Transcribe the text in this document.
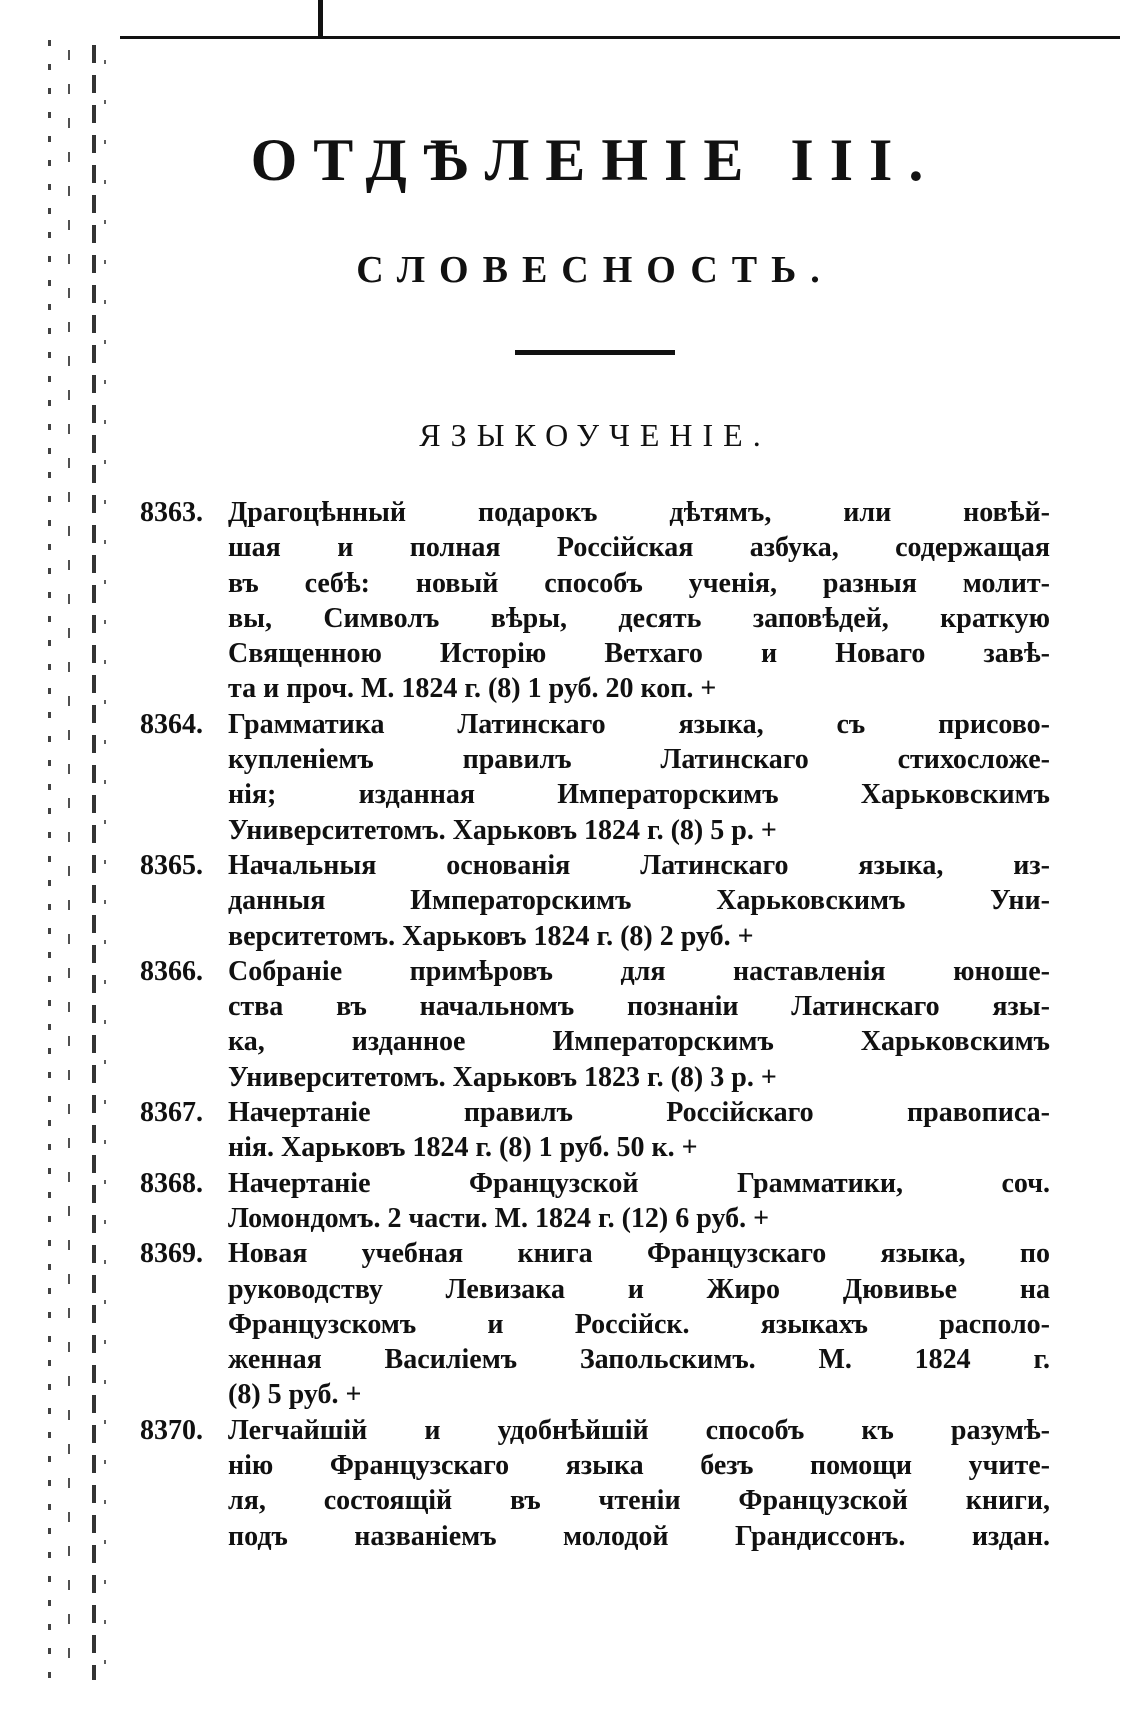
ОТДѢЛЕНІЕ III.
СЛОВЕСНОСТЬ.
ЯЗЫКОУЧЕНІЕ.
8363. Драгоцѣнный подарокъ дѣтямъ, или новѣй-
шая и полная Россійская азбука, содержащая
въ себѣ: новый способъ ученія, разныя молит-
вы, Символъ вѣры, десять заповѣдей, краткую
Священною Исторію Ветхаго и Новаго завѣ-
та и проч. М. 1824 г. (8) 1 руб. 20 коп. +
8364. Грамматика Латинскаго языка, съ присово-
купленіемъ правилъ Латинскаго стихосложе-
нія; изданная Императорскимъ Харьковскимъ
Университетомъ. Харьковъ 1824 г. (8) 5 р. +
8365. Начальныя основанія Латинскаго языка, из-
данныя Императорскимъ Харьковскимъ Уни-
верситетомъ. Харьковъ 1824 г. (8) 2 руб. +
8366. Собраніе примѣровъ для наставленія юноше-
ства въ начальномъ познаніи Латинскаго язы-
ка, изданное Императорскимъ Харьковскимъ
Университетомъ. Харьковъ 1823 г. (8) 3 р. +
8367. Начертаніе правилъ Россійскаго правописа-
нія. Харьковъ 1824 г. (8) 1 руб. 50 к. +
8368. Начертаніе Французской Грамматики, соч.
Ломондомъ. 2 части. М. 1824 г. (12) 6 руб. +
8369. Новая учебная книга Французскаго языка, по
руководству Левизака и Жиро Дювивье на
Французскомъ и Россійск. языкахъ располо-
женная Василіемъ Запольскимъ. М. 1824 г.
(8) 5 руб. +
8370. Легчайшій и удобнѣйшій способъ къ разумѣ-
нію Французскаго языка безъ помощи учите-
ля, состоящій въ чтеніи Французской книги,
подъ названіемъ молодой Грандиссонъ. издан.
